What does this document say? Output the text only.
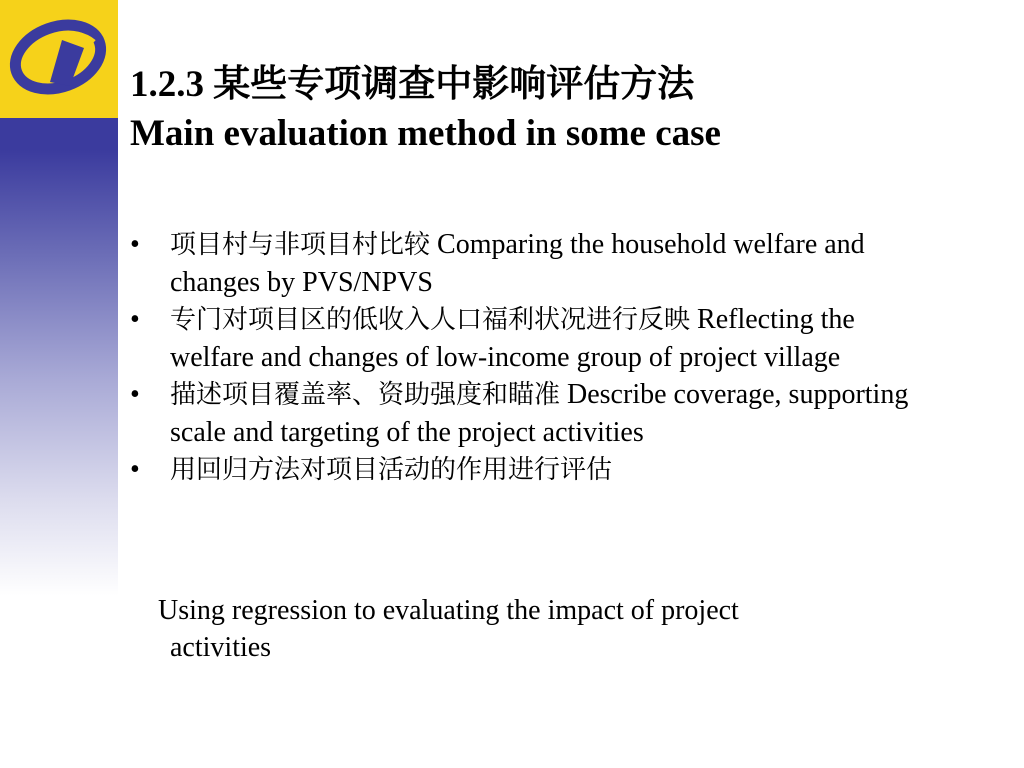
1.2.3 某些专项调查中影响评估方法
Main evaluation method in some case
• 项目村与非项目村比较 Comparing the household welfare and changes by PVS/NPVS
• 专门对项目区的低收入人口福利状况进行反映 Reflecting the welfare and changes of low-income group of project village
• 描述项目覆盖率、资助强度和瞄准 Describe coverage, supporting scale and targeting of the project activities
• 用回归方法对项目活动的作用进行评估
Using regression to evaluating the impact of project
activities
